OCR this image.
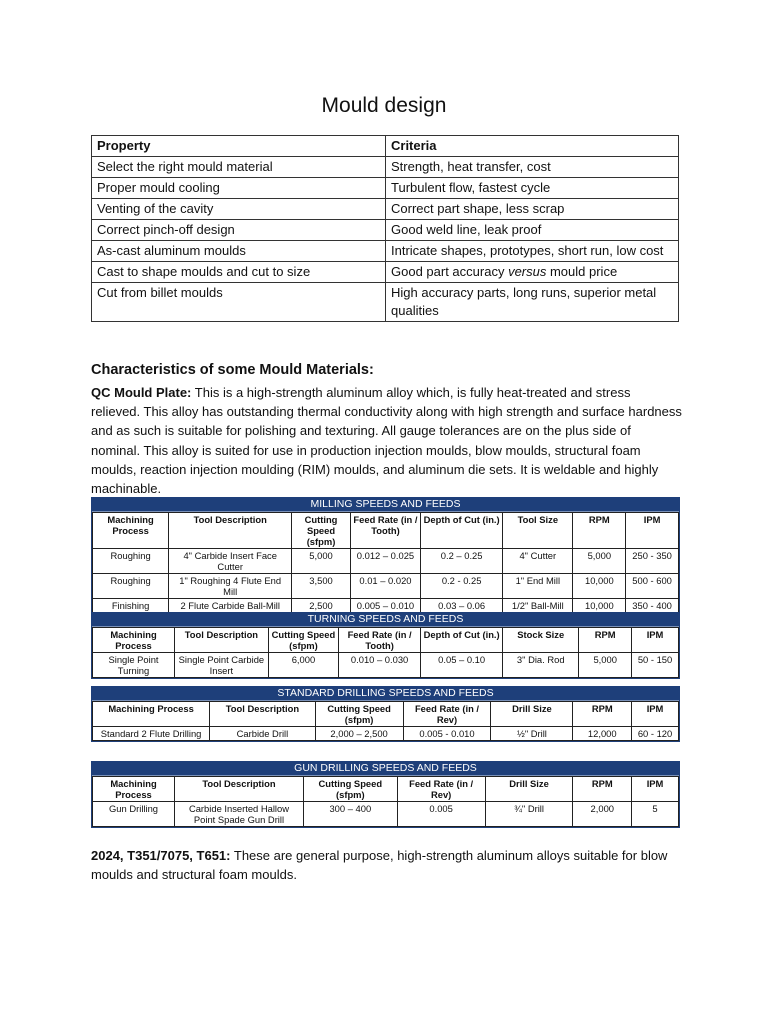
Mould design
Property	Criteria
Select the right mould material	Strength, heat transfer, cost
Proper mould cooling	Turbulent flow, fastest cycle
Venting of the cavity	Correct part shape, less scrap
Correct pinch-off design	Good weld line, leak proof
As-cast aluminum moulds	Intricate shapes, prototypes, short run, low cost
Cast to shape moulds and cut to size	Good part accuracy versus mould price
Cut from billet moulds	High accuracy parts, long runs, superior metal qualities
Characteristics of some Mould Materials:

QC Mould Plate: This is a high-strength aluminum alloy which, is fully heat-treated and stress relieved. This alloy has outstanding thermal conductivity along with high strength and surface hardness and as such is suitable for polishing and texturing. All gauge tolerances are on the plus side of nominal. This alloy is suited for use in production injection moulds, blow moulds, structural foam moulds, reaction injection moulding (RIM) moulds, and aluminum die sets. It is weldable and highly machinable.

MILLING SPEEDS AND FEEDS
Machining Process	Tool Description	Cutting Speed (sfpm)	Feed Rate (in / Tooth)	Depth of Cut (in.)	Tool Size	RPM	IPM
Roughing	4" Carbide Insert Face Cutter	5,000	0.012 – 0.025	0.2 – 0.25	4" Cutter	5,000	250 - 350
Roughing	1" Roughing 4 Flute End Mill	3,500	0.01 – 0.020	0.2 - 0.25	1" End Mill	10,000	500 - 600
Finishing	2 Flute Carbide Ball-Mill	2,500	0.005 – 0.010	0.03 – 0.06	1/2" Ball-Mill	10,000	350 - 400
TURNING SPEEDS AND FEEDS
Machining Process	Tool Description	Cutting Speed (sfpm)	Feed Rate (in / Tooth)	Depth of Cut (in.)	Stock Size	RPM	IPM
Single Point Turning	Single Point Carbide Insert	6,000	0.010 – 0.030	0.05 – 0.10	3" Dia. Rod	5,000	50 - 150
STANDARD DRILLING SPEEDS AND FEEDS
Machining Process	Tool Description	Cutting Speed (sfpm)	Feed Rate (in / Rev)	Drill Size	RPM	IPM
Standard 2 Flute Drilling	Carbide Drill	2,000 – 2,500	0.005 - 0.010	½" Drill	12,000	60 - 120
GUN DRILLING SPEEDS AND FEEDS
Machining Process	Tool Description	Cutting Speed (sfpm)	Feed Rate (in / Rev)	Drill Size	RPM	IPM
Gun Drilling	Carbide Inserted Hallow Point Spade Gun Drill	300 – 400	0.005	¾" Drill	2,000	5

2024, T351/7075, T651: These are general purpose, high-strength aluminum alloys suitable for blow moulds and structural foam moulds.
